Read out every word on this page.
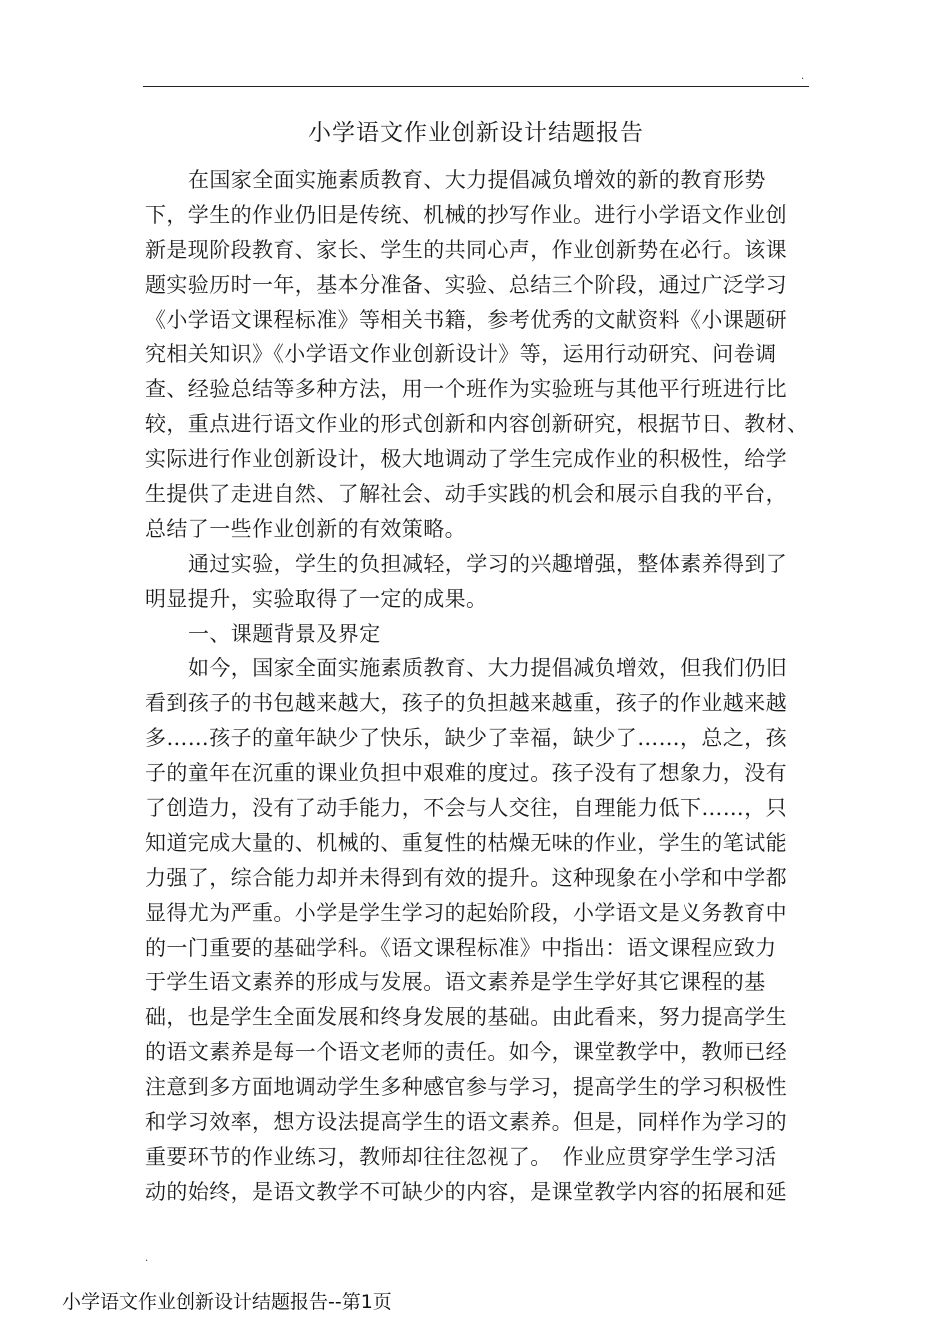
.
小学语文作业创新设计结题报告
在国家全面实施素质教育、大力提倡减负增效的新的教育形势
下，学生的作业仍旧是传统、机械的抄写作业。进行小学语文作业创
新是现阶段教育、家长、学生的共同心声，作业创新势在必行。该课
题实验历时一年，基本分准备、实验、总结三个阶段，通过广泛学习
《小学语文课程标准》等相关书籍，参考优秀的文献资料《小课题研
究相关知识》《小学语文作业创新设计》等，运用行动研究、问卷调
查、经验总结等多种方法，用一个班作为实验班与其他平行班进行比
较，重点进行语文作业的形式创新和内容创新研究，根据节日、教材、
实际进行作业创新设计，极大地调动了学生完成作业的积极性，给学
生提供了走进自然、了解社会、动手实践的机会和展示自我的平台，
总结了一些作业创新的有效策略。
通过实验，学生的负担减轻，学习的兴趣增强，整体素养得到了
明显提升，实验取得了一定的成果。
一、课题背景及界定
如今，国家全面实施素质教育、大力提倡减负增效，但我们仍旧
看到孩子的书包越来越大，孩子的负担越来越重，孩子的作业越来越
多……孩子的童年缺少了快乐，缺少了幸福，缺少了……，总之，孩
子的童年在沉重的课业负担中艰难的度过。孩子没有了想象力，没有
了创造力，没有了动手能力，不会与人交往，自理能力低下……，只
知道完成大量的、机械的、重复性的枯燥无味的作业，学生的笔试能
力强了，综合能力却并未得到有效的提升。这种现象在小学和中学都
显得尤为严重。小学是学生学习的起始阶段，小学语文是义务教育中
的一门重要的基础学科。《语文课程标准》中指出：语文课程应致力
于学生语文素养的形成与发展。语文素养是学生学好其它课程的基
础，也是学生全面发展和终身发展的基础。由此看来，努力提高学生
的语文素养是每一个语文老师的责任。如今，课堂教学中，教师已经
注意到多方面地调动学生多种感官参与学习，提高学生的学习积极性
和学习效率，想方设法提高学生的语文素养。但是，同样作为学习的
重要环节的作业练习，教师却往往忽视了。　作业应贯穿学生学习活
动的始终，是语文教学不可缺少的内容，是课堂教学内容的拓展和延
.
小学语文作业创新设计结题报告--第1页
